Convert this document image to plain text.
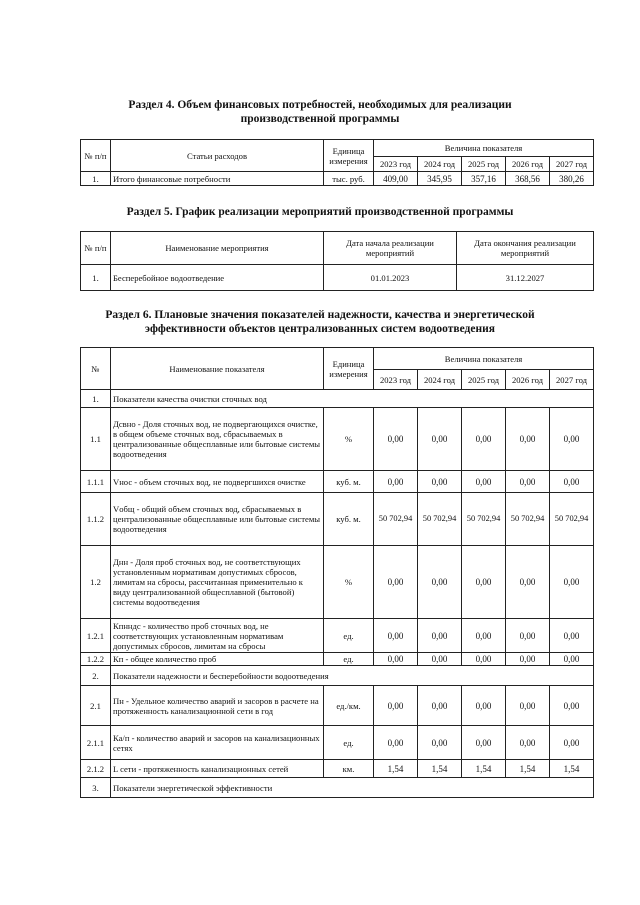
Раздел 4. Объем финансовых потребностей, необходимых для реализации
производственной программы
№ п/п	Статьи расходов	Единица измерения	Величина показателя				
			2023 год	2024 год	2025 год	2026 год	2027 год
1.	Итого финансовые потребности	тыс. руб.	409,00	345,95	357,16	368,56	380,26
Раздел 5. График реализации мероприятий производственной программы
№ п/п	Наименование мероприятия	Дата начала реализации мероприятий	Дата окончания реализации мероприятий
1.	Бесперебойное водоотведение	01.01.2023	31.12.2027
Раздел 6. Плановые значения показателей надежности, качества и энергетической
эффективности объектов централизованных систем водоотведения
№	Наименование показателя	Единица измерения	Величина показателя				
			2023 год	2024 год	2025 год	2026 год	2027 год
1.	Показатели качества очистки сточных вод						
1.1	Дсвно - Доля сточных вод, не подвергающихся очистке, в общем объеме сточных вод, сбрасываемых в централизованные общесплавные или бытовые системы водоотведения	%	0,00	0,00	0,00	0,00	0,00
1.1.1	Vнос - объем сточных вод, не подвергшихся очистке	куб. м.	0,00	0,00	0,00	0,00	0,00
1.1.2	Vобщ - общий объем сточных вод, сбрасываемых в централизованные общесплавные или бытовые системы водоотведения	куб. м.	50 702,94	50 702,94	50 702,94	50 702,94	50 702,94
1.2	Днн - Доля проб сточных вод, не соответствующих установленным нормативам допустимых сбросов, лимитам на сбросы, рассчитанная применительно к виду централизованной общесплавной (бытовой) системы водоотведения	%	0,00	0,00	0,00	0,00	0,00
1.2.1	Кпнндс - количество проб сточных вод, не соответствующих установленным нормативам допустимых сбросов, лимитам на сбросы	ед.	0,00	0,00	0,00	0,00	0,00
1.2.2	Кп - общее количество проб	ед.	0,00	0,00	0,00	0,00	0,00
2.	Показатели надежности и бесперебойности водоотведения						
2.1	Пн - Удельное количество аварий и засоров в расчете на протяженность канализационной сети в год	ед./км.	0,00	0,00	0,00	0,00	0,00
2.1.1	Ка/п - количество аварий и засоров на канализационных сетях	ед.	0,00	0,00	0,00	0,00	0,00
2.1.2	L сети - протяженность канализационных сетей	км.	1,54	1,54	1,54	1,54	1,54
3.	Показатели энергетической эффективности						
